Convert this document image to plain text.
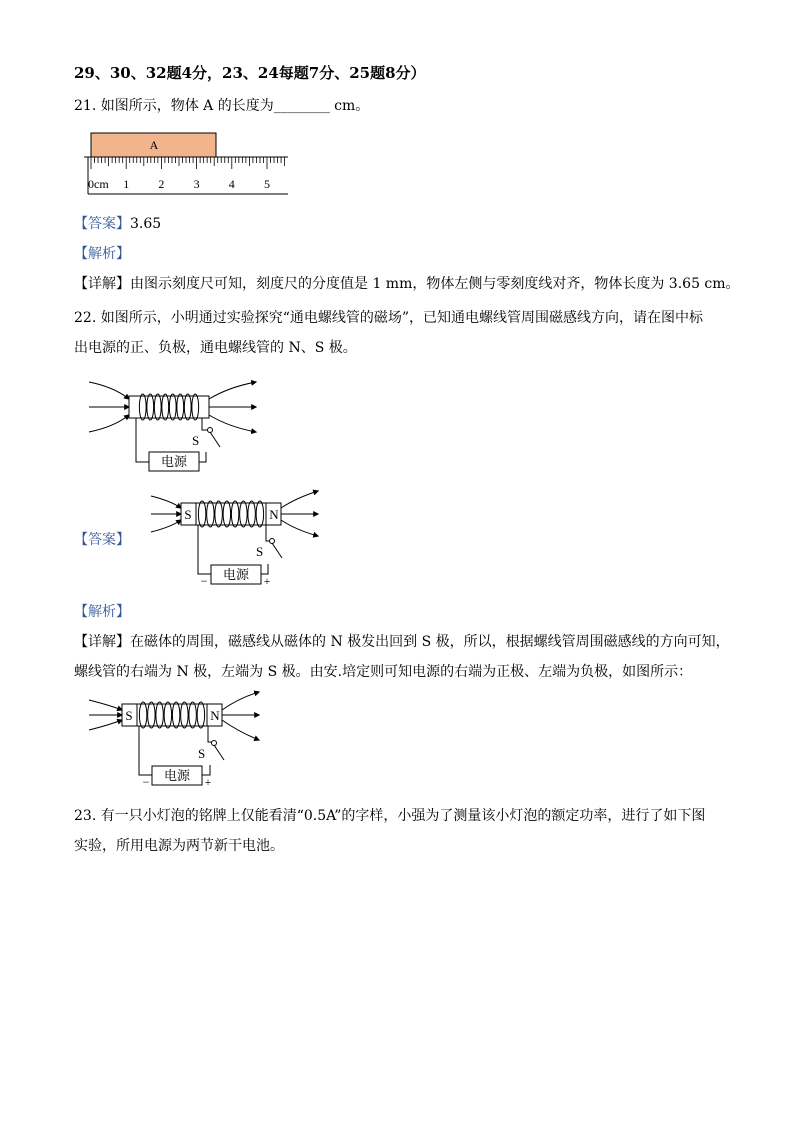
29、30、32题4分，23、24每题7分、25题8分）
21. 如图所示，物体 A 的长度为________ cm。
A
0cm 1 2 3 4 5
【答案】3.65
【解析】
【详解】由图示刻度尺可知，刻度尺的分度值是 1 mm，物体左侧与零刻度线对齐，物体长度为 3.65 cm。
22. 如图所示，小明通过实验探究“通电螺线管的磁场”，已知通电螺线管周围磁感线方向，请在图中标
出电源的正、负极，通电螺线管的 N、S 极。
S
电源
【答案】
S	N
S
电源
−	+
【解析】
【详解】在磁体的周围，磁感线从磁体的 N 极发出回到 S 极，所以，根据螺线管周围磁感线的方向可知，
螺线管的右端为 N 极，左端为 S 极。由安.培定则可知电源的右端为正极、左端为负极，如图所示：
S	N
S
电源
−	+
23. 有一只小灯泡的铭牌上仅能看清“0.5A”的字样，小强为了测量该小灯泡的额定功率，进行了如下图
实验，所用电源为两节新干电池。
